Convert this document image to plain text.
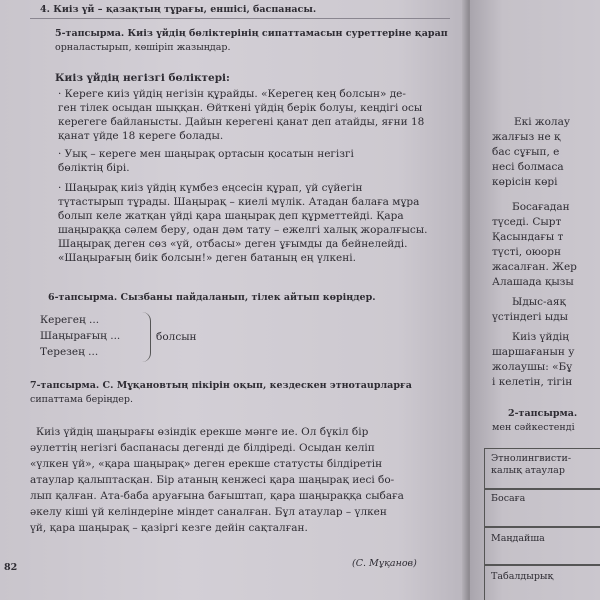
4. Киіз үй – қазақтың тұрағы, еншісі, баспанасы.
5-тапсырма. Киіз үйдің бөліктерінің сипаттамасын суреттеріне қарап
орналастырып, көшіріп жазыңдар.
Киіз үйдің негізгі бөліктері:
· Кереге киіз үйдің негізін құрайды. «Керегең кең болсын» де-
ген тілек осыдан шыққан. Өйткені үйдің берік болуы, кеңдігі осы
керегеге байланысты. Дайын керегені қанат деп атайды, яғни 18
қанат үйде 18 кереге болады.
· Уық – кереге мен шаңырақ ортасын қосатын негізгі
бөліктің бірі.
· Шаңырақ киіз үйдің күмбез еңсесін құрап, үй сүйегін
түтастырып тұрады. Шаңырақ – киелі мүлік. Атадан балаға мұра
болып келе жатқан үйді қара шаңырақ деп құрметтейді. Қара
шаңыраққа сәлем беру, одан дәм тату – ежелгі халық жоралғысы.
Шаңырақ деген сөз «үй, отбасы» деген ұғымды да бейнелейді.
«Шаңырағың биік болсын!» деген батаның ең үлкені.
6-тапсырма. Сызбаны пайдаланып, тілек айтып көріңдер.
Керегең ...
Шаңырағың ...
Терезең ...
болсын
7-тапсырма. С. Мұқановтың пікірін оқып, кездескен этнотаupларға
сипаттама беріңдер.
Киіз үйдің шаңырағы өзіндік ерекше мәнге ие. Ол бүкіл бір
әулеттің негізгі баспанасы дегенді де білдіреді. Осыдан келіп
«үлкен үй», «қара шаңырақ» деген ерекше статусты білдіретін
атаулар қалыптасқан. Бір атаның кенжесі қара шаңырақ иесі бо-
лып қалған. Ата-баба аруағына бағыштап, қара шаңыраққа сыбаға
әкелу кіші үй келіндеріне міндет саналған. Бұл атаулар – үлкен
үй, қара шаңырақ – қазіргі кезге дейін сақталған.
(С. Мұқанов)
82
Екі жолау
жалғыз не қ
бас сұғып, е
несі болмаса
көрісін көрі
Босағадан
түседі. Сырт
Қасындағы т
түсті, оюорн
жасалған. Жер
Алашада қызы
Ыдыс-аяқ
үстіндегі ыды
Киіз үйдің
шаршағанын у
жолаушы: «Бұ
і келетін, тігін
2-тапсырма.
мен сәйкестенді
Этнолингвисти-калық атаулар
Босаға
Маңдайша
Табалдырық
